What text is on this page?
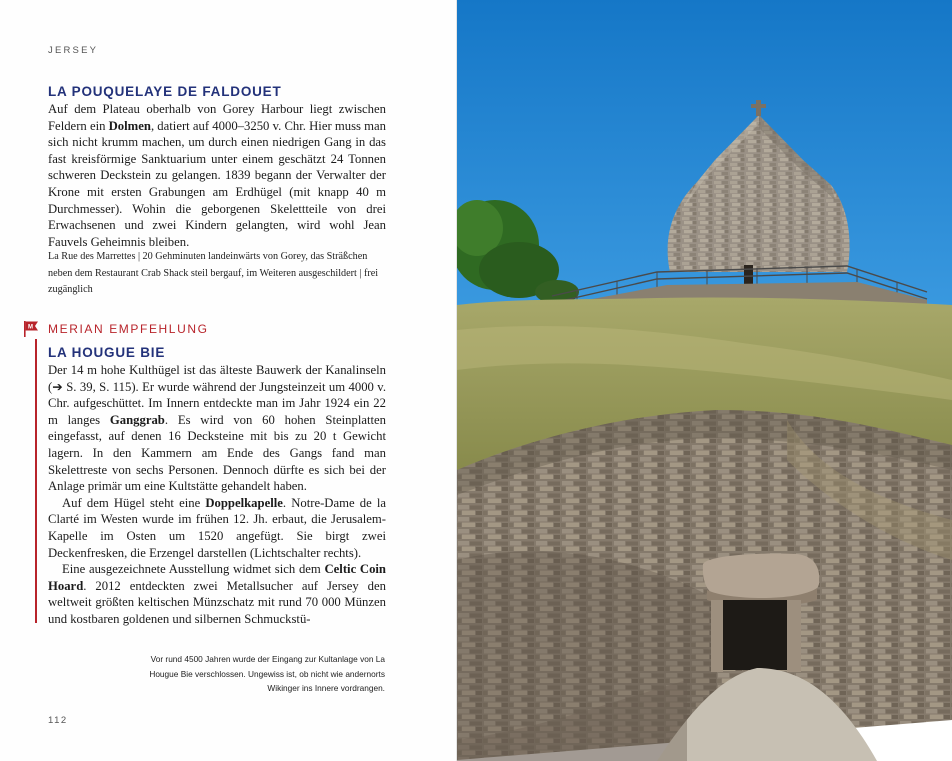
JERSEY
LA POUQUELAYE DE FALDOUET

Auf dem Plateau oberhalb von Gorey Harbour liegt zwischen Feldern ein Dolmen, datiert auf 4000–3250 v. Chr. Hier muss man sich nicht krumm machen, um durch einen niedrigen Gang in das fast kreisförmige Sanktuarium unter einem geschätzt 24 Tonnen schweren Deckstein zu gelangen. 1839 begann der Verwalter der Krone mit ersten Grabungen am Erdhügel (mit knapp 40 m Durchmesser). Wohin die geborgenen Skelettteile von drei Erwachsenen und zwei Kindern gelangten, wird wohl Jean Fauvels Geheimnis bleiben.

La Rue des Marrettes | 20 Gehminuten landeinwärts von Gorey, das Sträßchen neben dem Restaurant Crab Shack steil bergauf, im Weiteren ausgeschildert | frei zugänglich
M MERIAN EMPFEHLUNG
LA HOUGUE BIE

Der 14 m hohe Kulthügel ist das älteste Bauwerk der Kanalinseln (➔ S. 39, S. 115). Er wurde während der Jungsteinzeit um 4000 v. Chr. aufgeschüttet. Im Innern entdeckte man im Jahr 1924 ein 22 m langes Ganggrab. Es wird von 60 hohen Steinplatten eingefasst, auf denen 16 Decksteine mit bis zu 20 t Gewicht lagern. In den Kammern am Ende des Gangs fand man Skelettreste von sechs Personen. Dennoch dürfte es sich bei der Anlage primär um eine Kultstätte gehandelt haben.

Auf dem Hügel steht eine Doppelkapelle. Notre-Dame de la Clarté im Westen wurde im frühen 12. Jh. erbaut, die Jerusalem-Kapelle im Osten um 1520 angefügt. Sie birgt zwei Deckenfresken, die Erzengel darstellen (Lichtschalter rechts).

Eine ausgezeichnete Ausstellung widmet sich dem Celtic Coin Hoard. 2012 entdeckten zwei Metallsucher auf Jersey den weltweit größten keltischen Münzschatz mit rund 70 000 Münzen und kostbaren goldenen und silbernen Schmuckstü-

Vor rund 4500 Jahren wurde der Eingang zur Kultanlage von La Hougue Bie verschlossen. Ungewiss ist, ob nicht wie andernorts Wikinger ins Innere vordrangen.
112
